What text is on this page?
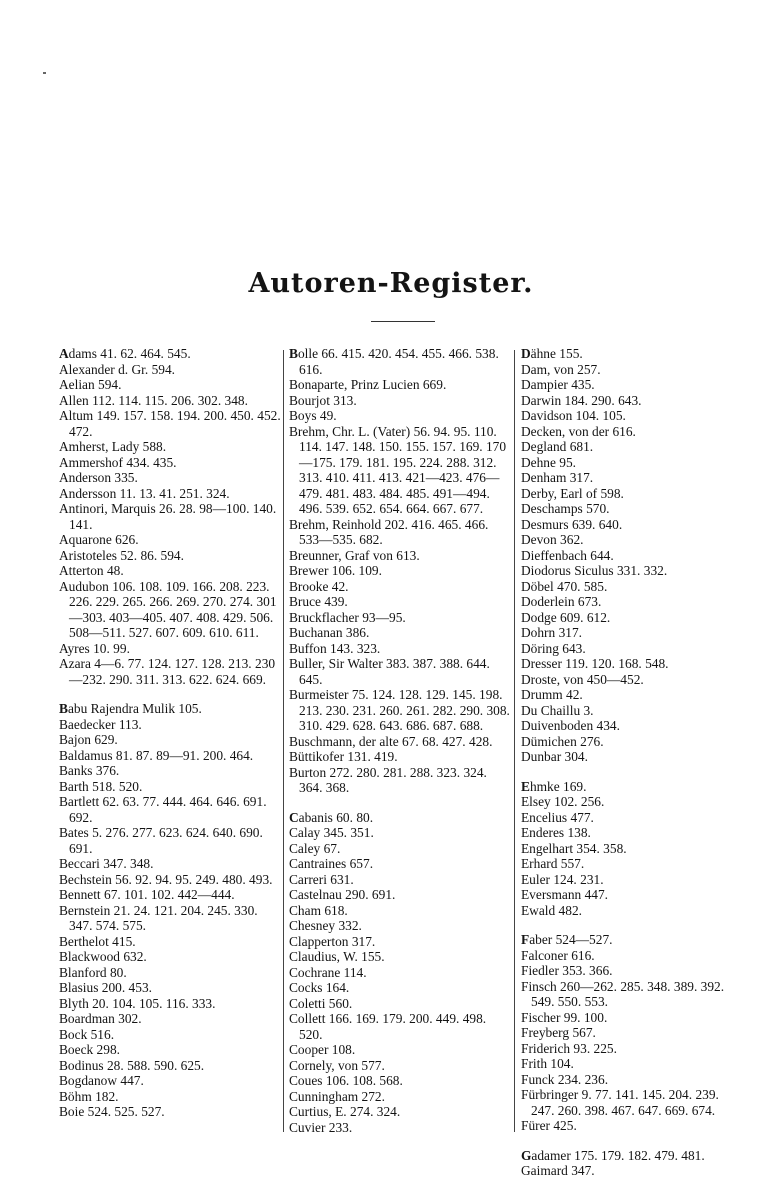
Autoren-Register.
Adams 41. 62. 464. 545.
Alexander d. Gr. 594.
Aelian 594.
Allen 112. 114. 115. 206. 302. 348.
Altum 149. 157. 158. 194. 200. 450. 452. 472.
Amherst, Lady 588.
Ammershof 434. 435.
Anderson 335.
Andersson 11. 13. 41. 251. 324.
Antinori, Marquis 26. 28. 98—100. 140. 141.
Aquarone 626.
Aristoteles 52. 86. 594.
Atterton 48.
Audubon 106. 108. 109. 166. 208. 223. 226. 229. 265. 266. 269. 270. 274. 301—303. 403—405. 407. 408. 429. 506. 508—511. 527. 607. 609. 610. 611.
Ayres 10. 99.
Azara 4—6. 77. 124. 127. 128. 213. 230—232. 290. 311. 313. 622. 624. 669.
Babu Rajendra Mulik 105.
Baedecker 113.
Bajon 629.
Baldamus 81. 87. 89—91. 200. 464.
Banks 376.
Barth 518. 520.
Bartlett 62. 63. 77. 444. 464. 646. 691. 692.
Bates 5. 276. 277. 623. 624. 640. 690. 691.
Beccari 347. 348.
Bechstein 56. 92. 94. 95. 249. 480. 493.
Bennett 67. 101. 102. 442—444.
Bernstein 21. 24. 121. 204. 245. 330. 347. 574. 575.
Berthelot 415.
Blackwood 632.
Blanford 80.
Blasius 200. 453.
Blyth 20. 104. 105. 116. 333.
Boardman 302.
Bock 516.
Boeck 298.
Bodinus 28. 588. 590. 625.
Bogdanow 447.
Böhm 182.
Boie 524. 525. 527.
Bolle 66. 415. 420. 454. 455. 466. 538. 616.
Bonaparte, Prinz Lucien 669.
Bourjot 313.
Boys 49.
Brehm, Chr. L. (Vater) 56. 94. 95. 110. 114. 147. 148. 150. 155. 157. 169. 170—175. 179. 181. 195. 224. 288. 312. 313. 410. 411. 413. 421—423. 476—479. 481. 483. 484. 485. 491—494. 496. 539. 652. 654. 664. 667. 677.
Brehm, Reinhold 202. 416. 465. 466. 533—535. 682.
Breunner, Graf von 613.
Brewer 106. 109.
Brooke 42.
Bruce 439.
Bruckflacher 93—95.
Buchanan 386.
Buffon 143. 323.
Buller, Sir Walter 383. 387. 388. 644. 645.
Burmeister 75. 124. 128. 129. 145. 198. 213. 230. 231. 260. 261. 282. 290. 308. 310. 429. 628. 643. 686. 687. 688.
Buschmann, der alte 67. 68. 427. 428.
Büttikofer 131. 419.
Burton 272. 280. 281. 288. 323. 324. 364. 368.
Cabanis 60. 80.
Calay 345. 351.
Caley 67.
Cantraines 657.
Carreri 631.
Castelnau 290. 691.
Cham 618.
Chesney 332.
Clapperton 317.
Claudius, W. 155.
Cochrane 114.
Cocks 164.
Coletti 560.
Collett 166. 169. 179. 200. 449. 498. 520.
Cooper 108.
Cornely, von 577.
Coues 106. 108. 568.
Cunningham 272.
Curtius, E. 274. 324.
Cuvier 233.
Dähne 155.
Dam, von 257.
Dampier 435.
Darwin 184. 290. 643.
Davidson 104. 105.
Decken, von der 616.
Degland 681.
Dehne 95.
Denham 317.
Derby, Earl of 598.
Deschamps 570.
Desmurs 639. 640.
Devon 362.
Dieffenbach 644.
Diodorus Siculus 331. 332.
Döbel 470. 585.
Doderlein 673.
Dodge 609. 612.
Dohrn 317.
Döring 643.
Dresser 119. 120. 168. 548.
Droste, von 450—452.
Drumm 42.
Du Chaillu 3.
Duivenboden 434.
Dümichen 276.
Dunbar 304.
Ehmke 169.
Elsey 102. 256.
Encelius 477.
Enderes 138.
Engelhart 354. 358.
Erhard 557.
Euler 124. 231.
Eversmann 447.
Ewald 482.
Faber 524—527.
Falconer 616.
Fiedler 353. 366.
Finsch 260—262. 285. 348. 389. 392. 549. 550. 553.
Fischer 99. 100.
Freyberg 567.
Friderich 93. 225.
Frith 104.
Funck 234. 236.
Fürbringer 9. 77. 141. 145. 204. 239. 247. 260. 398. 467. 647. 669. 674.
Fürer 425.
Gadamer 175. 179. 182. 479. 481.
Gaimard 347.
